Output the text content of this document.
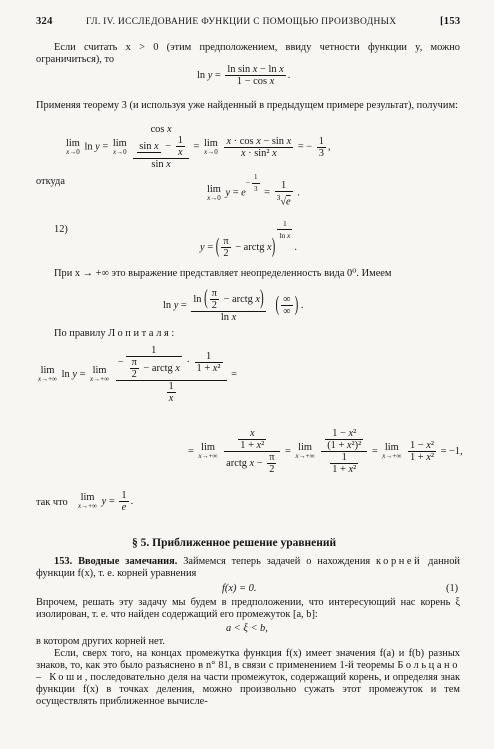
324	ГЛ. IV. ИССЛЕДОВАНИЕ ФУНКЦИИ С ПОМОЩЬЮ ПРОИЗВОДНЫХ	[153
Если считать x > 0 (этим предположением, ввиду четности функции y, можно ограничиться), то
$\ln y = \frac{\text{ln sin x − ln x}}{\text{1 − cos x}}$ .
Применяя теорему 3 (и используя уже найденный в предыдущем примере результат), получим:
lim
x→0 ln y = lim
x→0

cos x

$\sin x - \frac{1}{x}$
sin x
= lim
x→0
$\frac{\text{x · cos x − sin x}}{\text{x · sin² x}}$ = − $\frac{1}{3}$ ,
откуда
lim
x→0 $y = e^{- \frac{1}{3}} = \frac{1}{^3√e}$ .
12)
y = ( $\frac{\pi}{2}$ − arctg x)
$^{\frac{1}{\text{ln x}}}$
.
При x → +∞ это выражение представляет неопределенность вида 0⁰. Имеем
ln y =
ln ( $\frac{\pi}{2}$ − arctg x)
ln x
( ∞
∞ ) .
По правилу Лопиталя:
lim
x→+∞ ln y = lim
x→+∞

−
1
$\frac{\pi}{2}$ − arctg x
· $\frac{1}{\text{1 + x²}}$
$\frac{1}{x}$
=
= lim
x→+∞

$\frac{x}{\text{1 + x²}}$
arctg $x - \frac{\pi}{2}$
= lim
x→+∞
$\frac{\frac{\text{1 − x²}}{\text{(1 + x²)²}}}{\frac{1}{\text{1 + x²}}} = \lim$
x→+∞
$\frac{\text{1 − x²}}{\text{1 + x²}} = -1$,
так что	lim
x→+∞ $y = \frac{1}{e}$ .
§ 5. Приближенное решение уравнений
153. Вводные замечания. Займемся теперь задачей о нахождения корней данной функции f(x), т. е. корней уравнения
f(x) = 0.	(1)
Впрочем, решать эту задачу мы будем в предположении, что интересующий нас корень ξ изолирован, т. е. что найден содержащий его промежуток [a, b]:
a < ξ < b,
в котором других корней нет.
Если, сверх того, на концах промежутка функция f(x) имеет значения f(a) и f(b) разных знаков, то, как это было разъяснено в n° 81, в связи с применением 1-й теоремы Больцано – Коши, последовательно деля на части промежуток, содержащий корень, и определяя знак функции f(x) в точках деления, можно произвольно сужать этот промежуток и тем осуществлять приближенное вычисле-
